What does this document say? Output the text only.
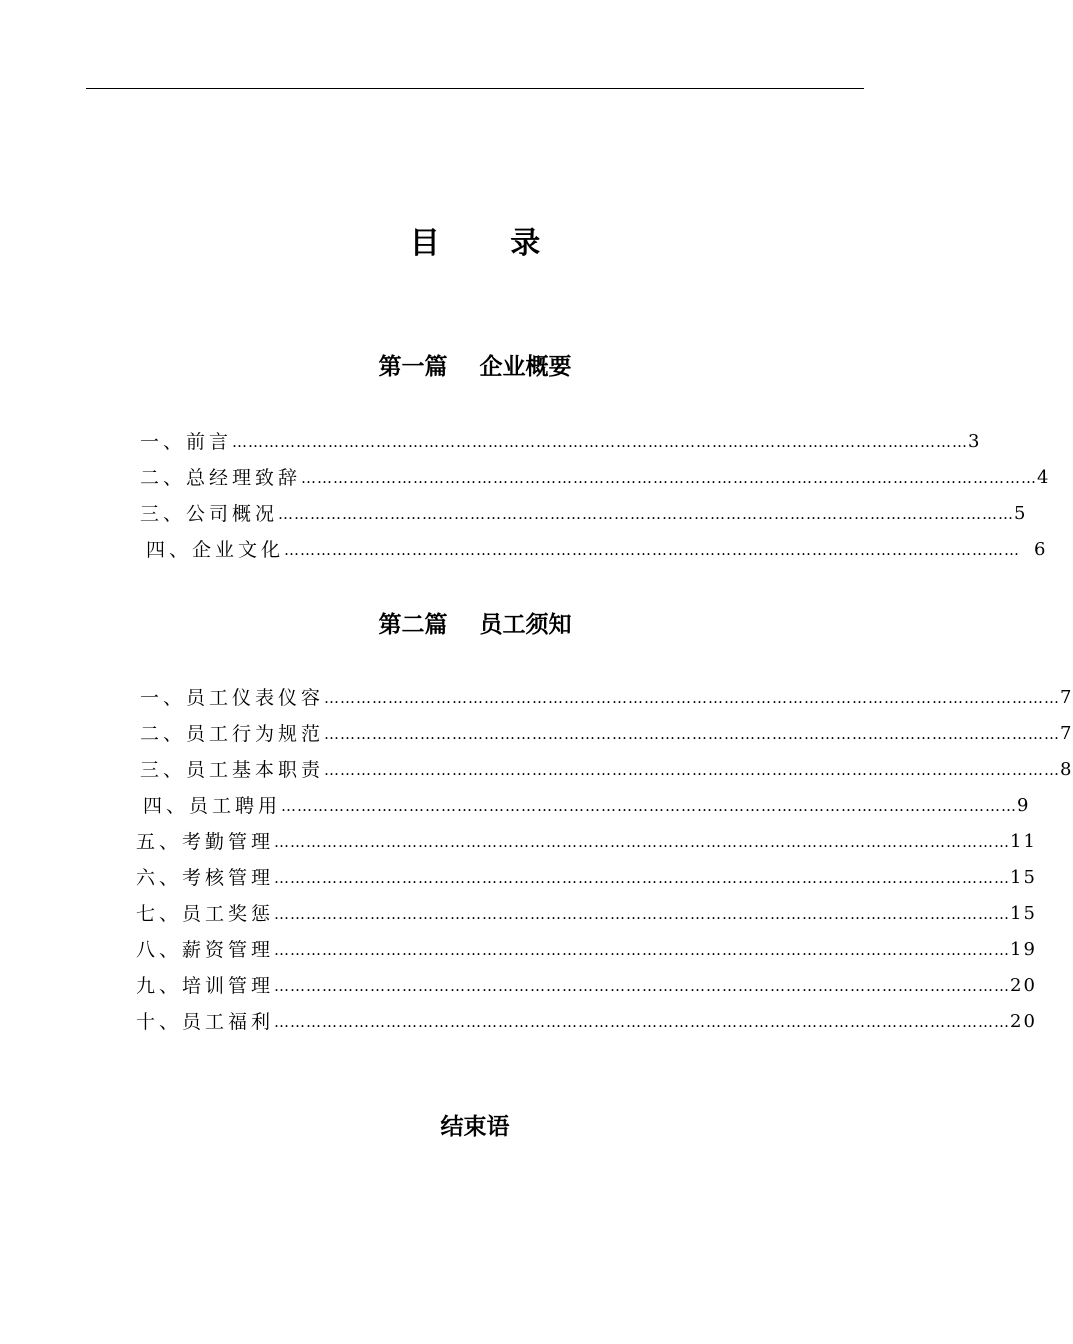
目 录
第一篇    企业概要
一、前言 ………………………………………………………………………………………………………………………… 3
二、总经理致辞 ………………………………………………………………………………………………………………………… 4
三、公司概况 ………………………………………………………………………………………………………………………… 5
四、企业文化 ………………………………………………………………………………………………………………………… 6
第二篇    员工须知
一、员工仪表仪容 ………………………………………………………………………………………………………………………… 7
二、员工行为规范 ………………………………………………………………………………………………………………………… 7
三、员工基本职责 ………………………………………………………………………………………………………………………… 8
四、员工聘用 ………………………………………………………………………………………………………………………… 9
五、考勤管理 ………………………………………………………………………………………………………………………… 11
六、考核管理 ………………………………………………………………………………………………………………………… 15
七、员工奖惩 ………………………………………………………………………………………………………………………… 15
八、薪资管理 ………………………………………………………………………………………………………………………… 19
九、培训管理 ………………………………………………………………………………………………………………………… 20
十、员工福利 ………………………………………………………………………………………………………………………… 20
结束语
